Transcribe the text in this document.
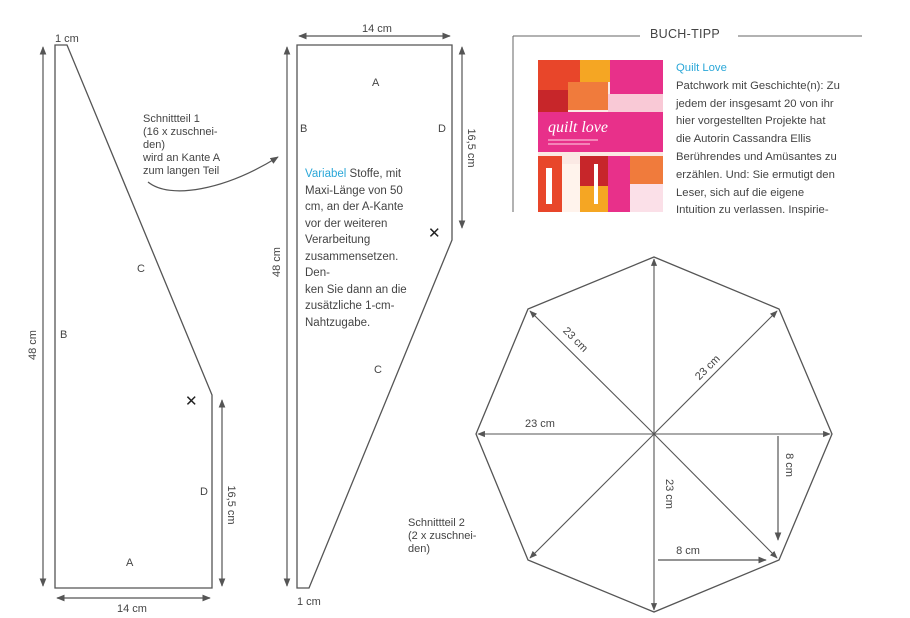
1 cm
48 cm B
C
✕
D 16,5 cm
A
14 cm
14 cm
A
B	D 16,5 cm
48 cm
✕
C
1 cm
23 cm
23 cm
23 cm
23 cm
8 cm
8 cm
Schnittteil 1
(16 x zuschnei-
den)
wird an Kante A
zum langen Teil	Variabel Stoffe, mit
Maxi-Länge von 50
cm, an der A-Kante
vor der weiteren
Verarbeitung
zusammensetzen.
Den-
ken Sie dann an die
zusätzliche 1-cm-
Nahtzugabe.
Schnittteil 2
(2 x zuschnei-
den)
BUCH-TIPP
quilt love
Quilt Love
Patchwork mit Geschichte(n): Zu
jedem der insgesamt 20 von ihr
hier vorgestellten Projekte hat
die Autorin Cassandra Ellis
Berührendes und Amüsantes zu
erzählen. Und: Sie ermutigt den
Leser, sich auf die eigene
Intuition zu verlassen. Inspirie-
